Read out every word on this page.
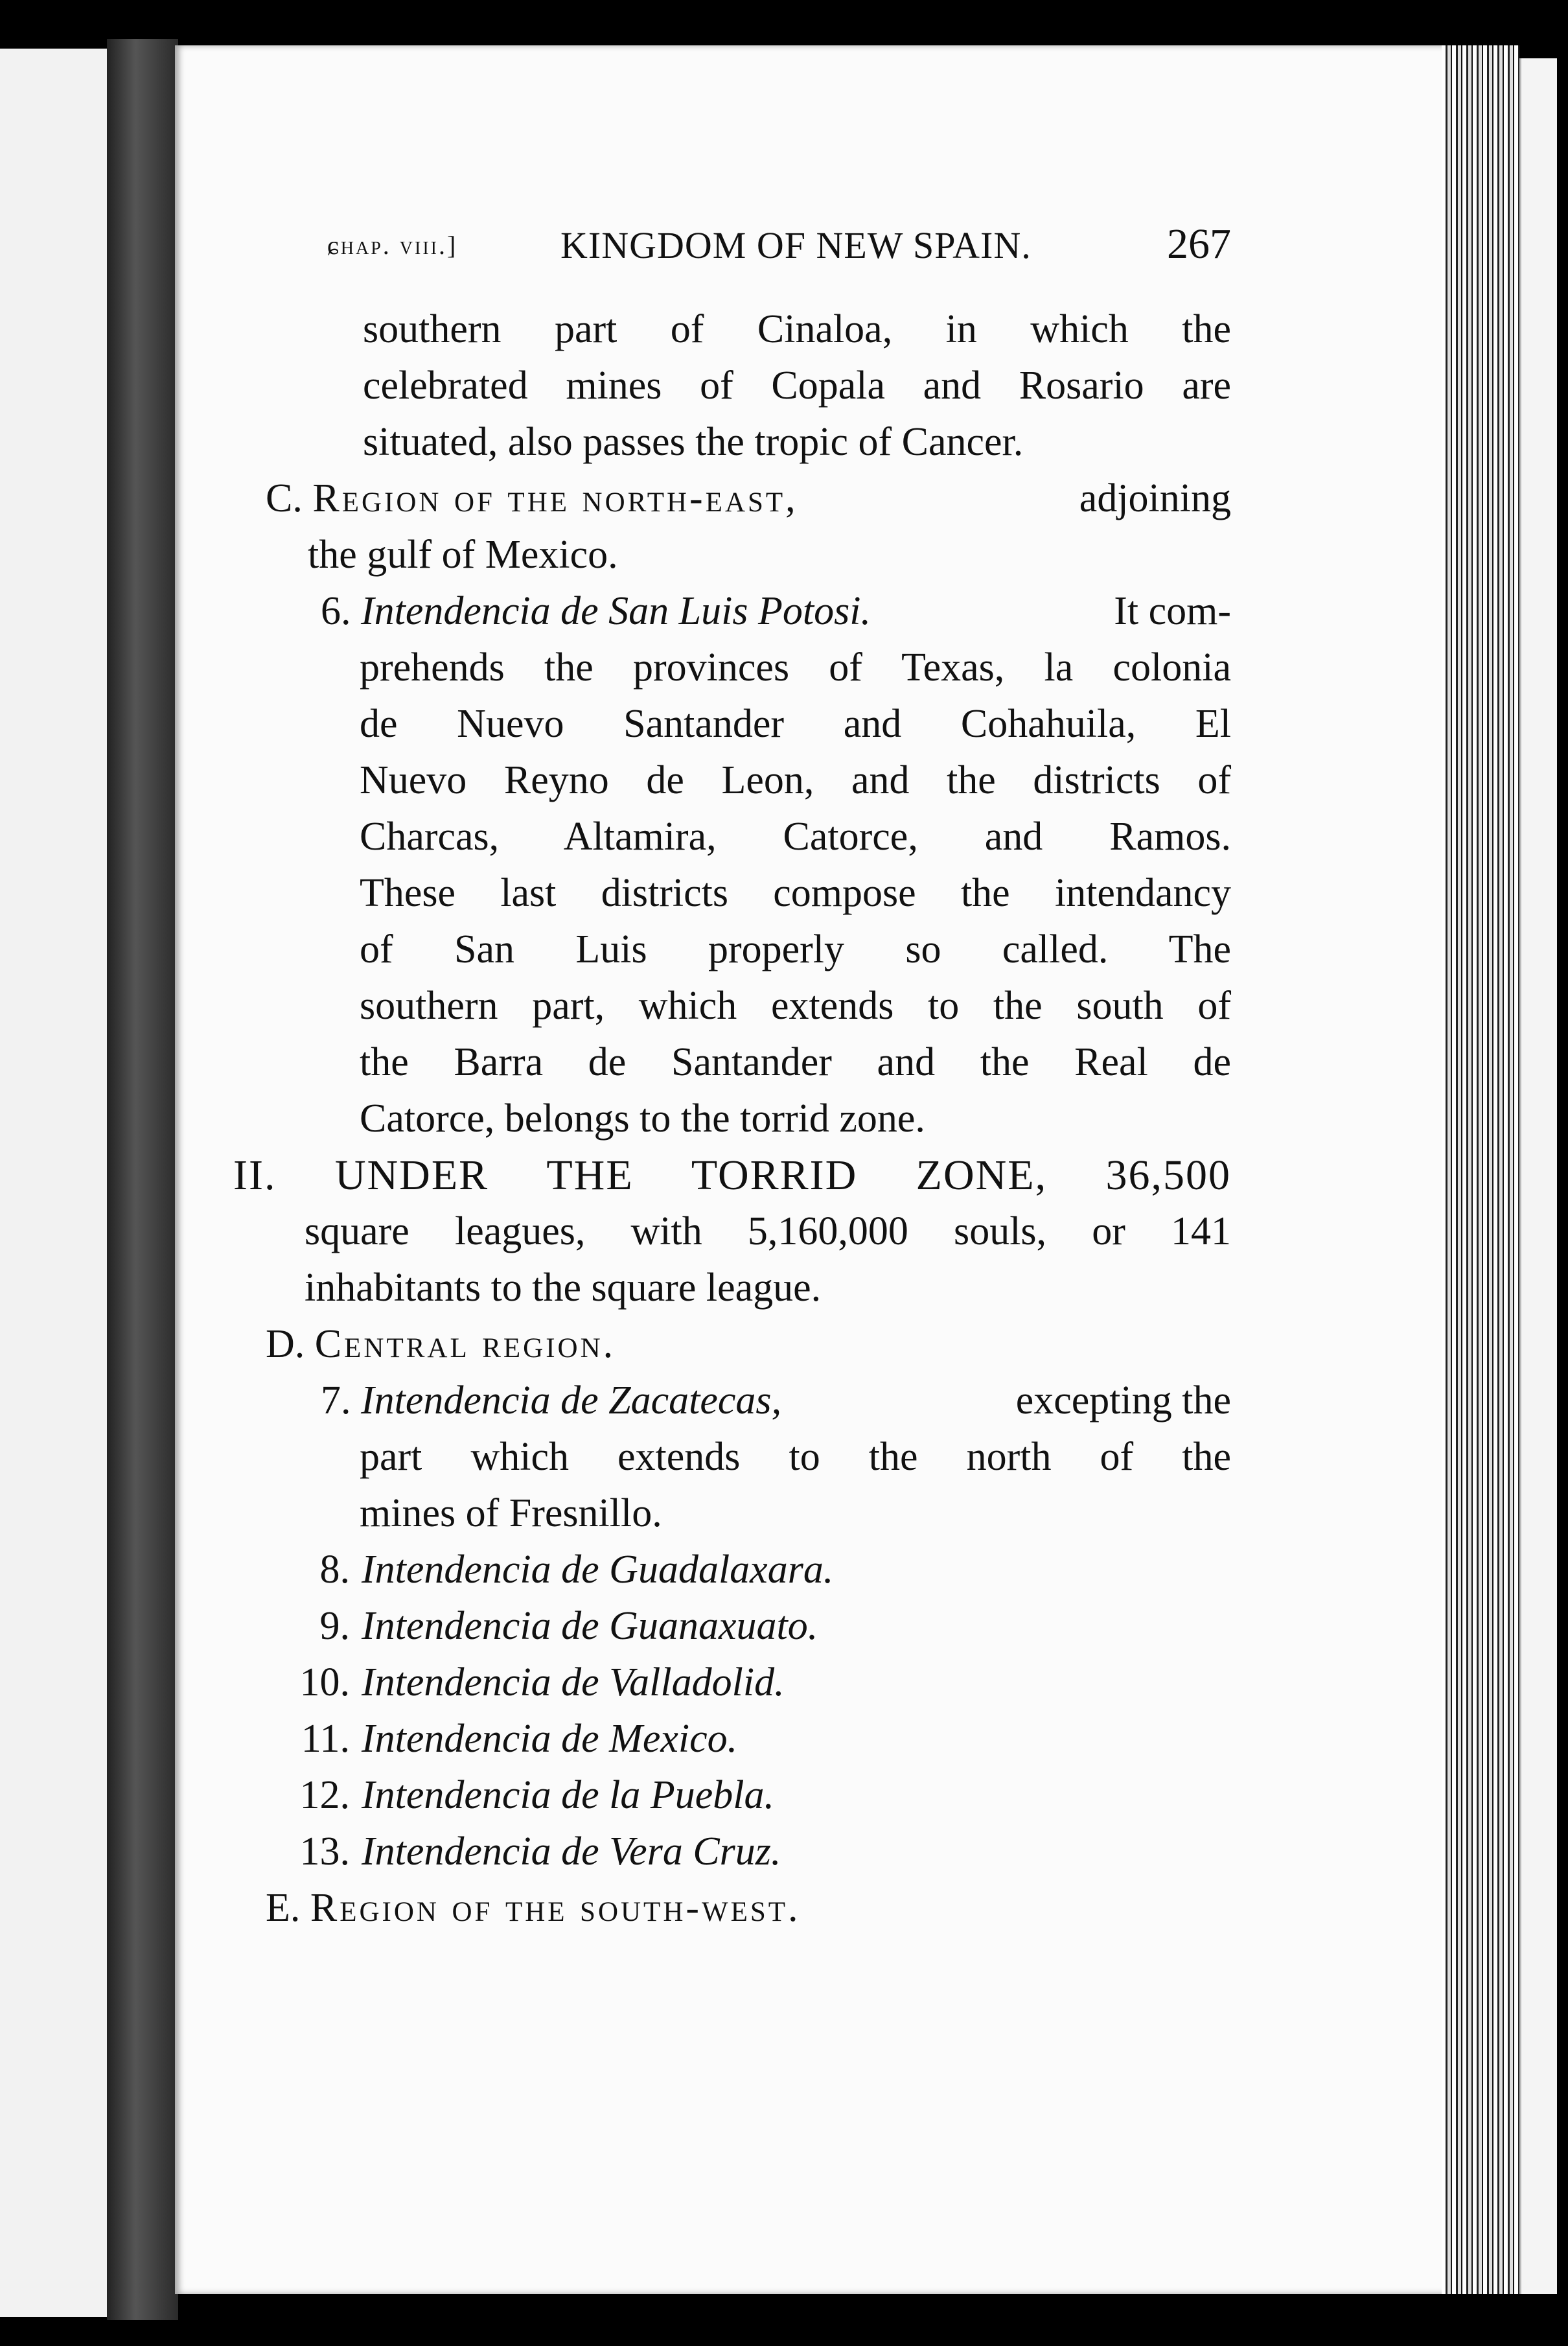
ɕhap. viii.]	KINGDOM OF NEW SPAIN.	267
southern part of Cinaloa, in which the
celebrated mines of Copala and Rosario are
situated, also passes the tropic of Cancer.
C. Region of the north-east,	adjoining
the gulf of Mexico.
6. Intendencia de San Luis Potosi.	It com-
prehends the provinces of Texas, la colonia
de Nuevo Santander and Cohahuila, El
Nuevo Reyno de Leon, and the districts of
Charcas, Altamira, Catorce, and Ramos.
These last districts compose the intendancy
of San Luis properly so called. The
southern part, which extends to the south of
the Barra de Santander and the Real de
Catorce, belongs to the torrid zone.
II. UNDER THE TORRID ZONE, 36,500
square leagues, with 5,160,000 souls, or 141
inhabitants to the square league.
D. Central region.
7. Intendencia de Zacatecas,	excepting the
part which extends to the north of the
mines of Fresnillo.
8. Intendencia de Guadalaxara.
9. Intendencia de Guanaxuato.
10. Intendencia de Valladolid.
11. Intendencia de Mexico.
12. Intendencia de la Puebla.
13. Intendencia de Vera Cruz.
E. Region of the south-west.
